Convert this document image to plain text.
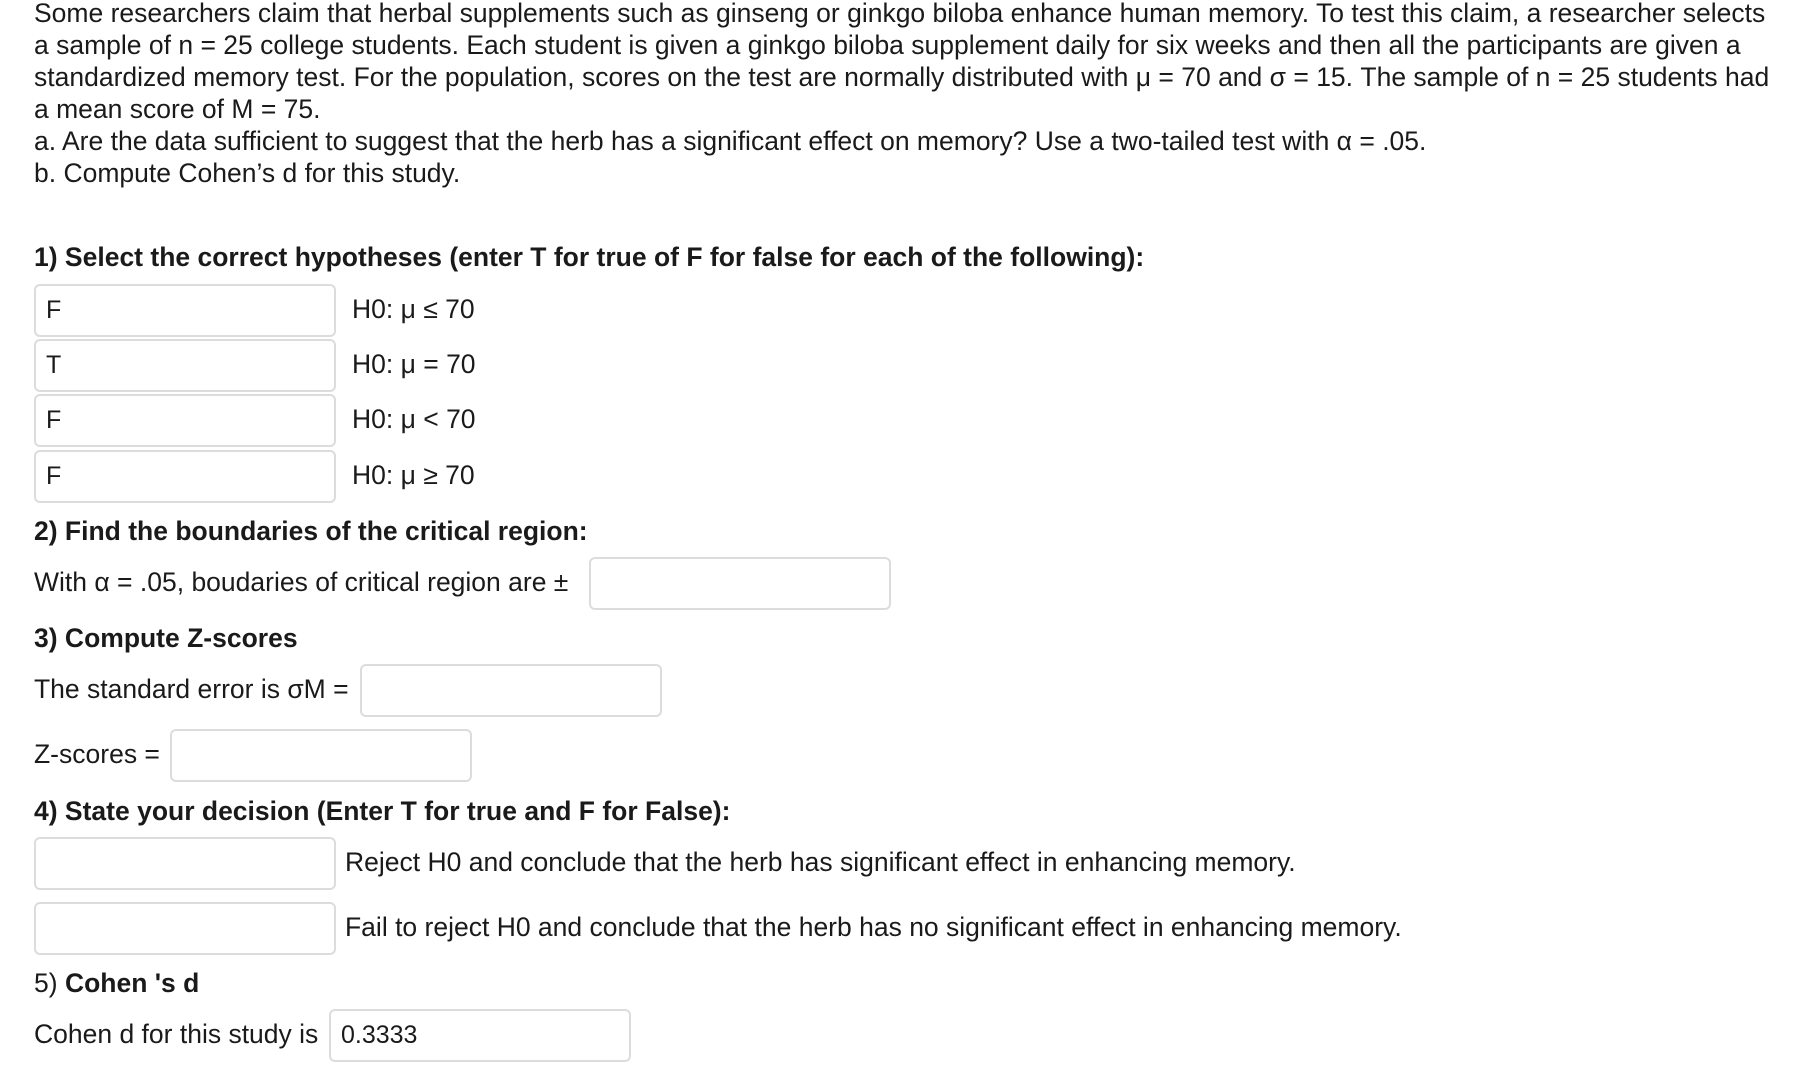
Some researchers claim that herbal supplements such as ginseng or ginkgo biloba enhance human memory. To test this claim, a researcher selects
a sample of n = 25 college students. Each student is given a ginkgo biloba supplement daily for six weeks and then all the participants are given a
standardized memory test. For the population, scores on the test are normally distributed with μ = 70 and σ = 15. The sample of n = 25 students had
a mean score of M = 75.
a. Are the data sufficient to suggest that the herb has a significant effect on memory? Use a two-tailed test with α = .05.
b. Compute Cohen’s d for this study.
1) Select the correct hypotheses (enter T for true of F for false for each of the following):
F
H0: μ ≤ 70
T
H0: μ = 70
F
H0: μ < 70
F
H0: μ ≥ 70
2) Find the boundaries of the critical region:
With α = .05, boudaries of critical region are ±
3) Compute Z-scores
The standard error is σM =
Z-scores =
4) State your decision (Enter T for true and F for False):
Reject H0 and conclude that the herb has significant effect in enhancing memory.
Fail to reject H0 and conclude that the herb has no significant effect in enhancing memory.
5) Cohen 's d
Cohen d for this study is
0.3333
